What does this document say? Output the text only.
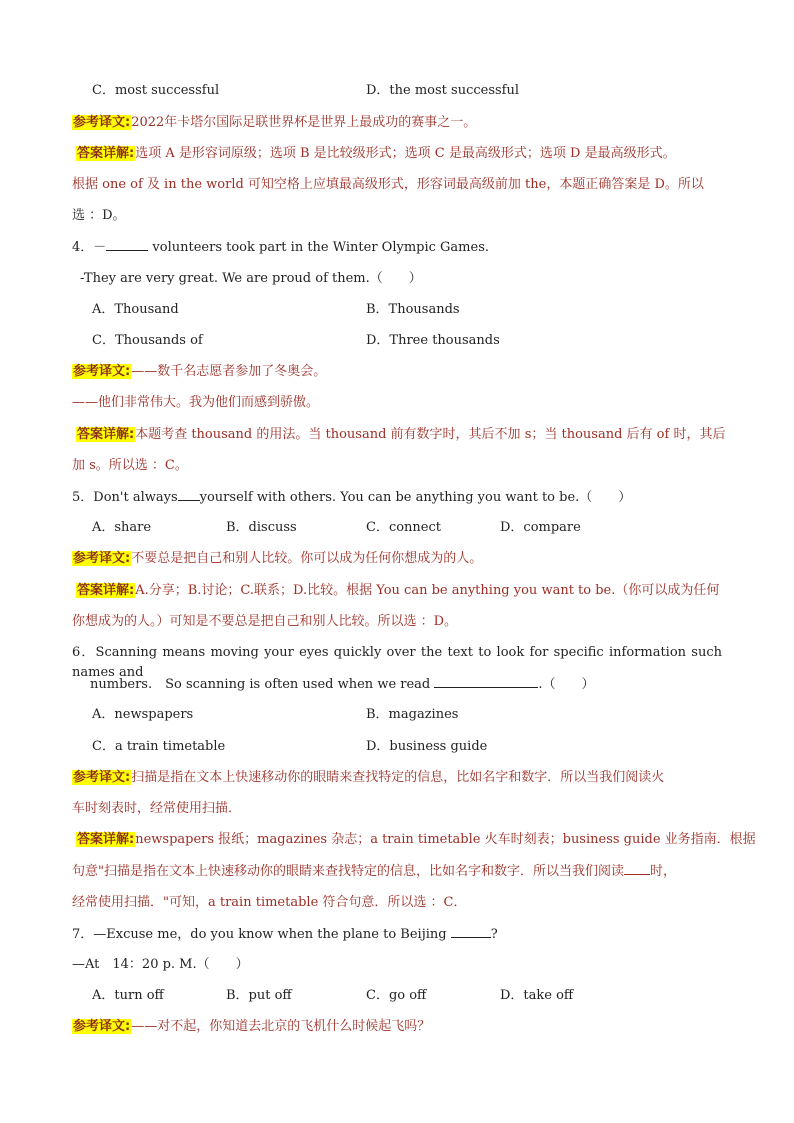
C．most successful	D．the most successful
参考译文:2022年卡塔尔国际足联世界杯是世界上最成功的赛事之一。
答案详解:选项 A 是形容词原级；选项 B 是比较级形式；选项 C 是最高级形式；选项 D 是最高级形式。
根据 one of 及 in the world 可知空格上应填最高级形式，形容词最高级前加 the，本题正确答案是 D。所以
选 ：D。
4．－	volunteers took part in the Winter Olympic Games.
-They are very great. We are proud of them.（　　）
A．Thousand	B．Thousands
C．Thousands of	D．Three thousands
参考译文:——数千名志愿者参加了冬奥会。
——他们非常伟大。我为他们而感到骄傲。
答案详解:本题考查 thousand 的用法。当 thousand 前有数字时，其后不加 s；当 thousand 后有 of 时，其后
加 s。所以选 ：C。
5．Don't always yourself with others. You can be anything you want to be.（　　）
A．share	B．discuss	C．connect	D．compare
参考译文:不要总是把自己和别人比较。你可以成为任何你想成为的人。
答案详解:A.分享；B.讨论；C.联系；D.比较。根据 You can be anything you want to be.（你可以成为任何
你想成为的人。）可知是不要总是把自己和别人比较。所以选 ：D。
6．Scanning means moving your eyes quickly over the text to look for specific information such names and
numbers.　So scanning is often used when we read	.（　　）
A．newspapers	B．magazines
C．a train timetable	D．business guide
参考译文:扫描是指在文本上快速移动你的眼睛来查找特定的信息，比如名字和数字．所以当我们阅读火
车时刻表时，经常使用扫描．
答案详解:newspapers 报纸；magazines 杂志；a train timetable 火车时刻表；business guide 业务指南．根据
句意"扫描是指在文本上快速移动你的眼睛来查找特定的信息，比如名字和数字．所以当我们阅读 时，
经常使用扫描．"可知，a train timetable 符合句意．所以选 ：C．
7．—Excuse me，do you know when the plane to Beijing	?
—At　14：20 p. M.（　　）
A．turn off	B．put off	C．go off	D．take off
参考译文:——对不起，你知道去北京的飞机什么时候起飞吗？
